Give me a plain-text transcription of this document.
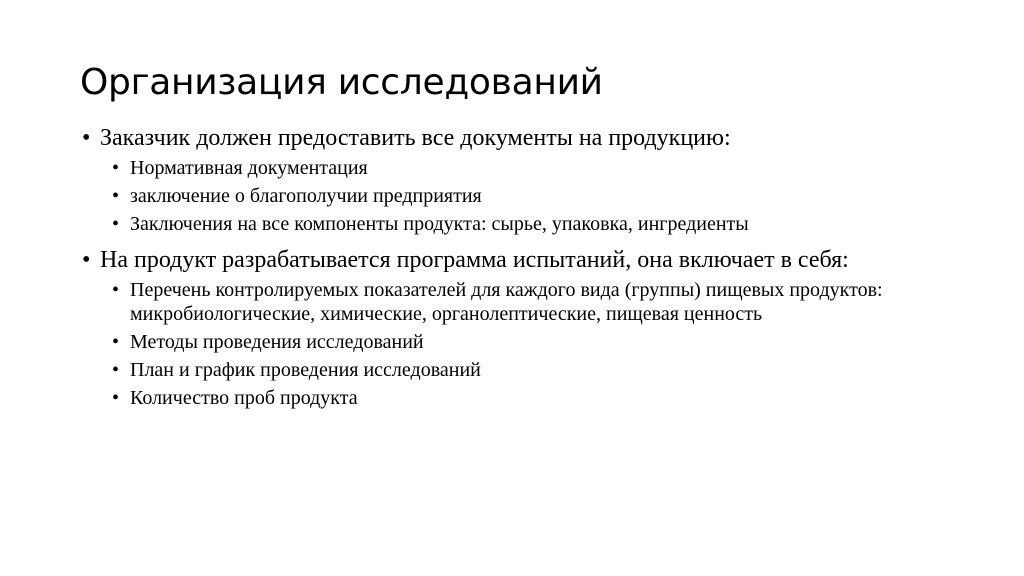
Организация исследований
• Заказчик должен предоставить все документы на продукцию:
• Нормативная документация
• заключение о благополучии предприятия
• Заключения на все компоненты продукта: сырье, упаковка, ингредиенты
• На продукт разрабатывается программа испытаний, она включает в себя:
• Перечень контролируемых показателей для каждого вида (группы) пищевых продуктов: микробиологические, химические, органолептические, пищевая ценность
• Методы проведения исследований
• План и график проведения исследований
• Количество проб продукта
